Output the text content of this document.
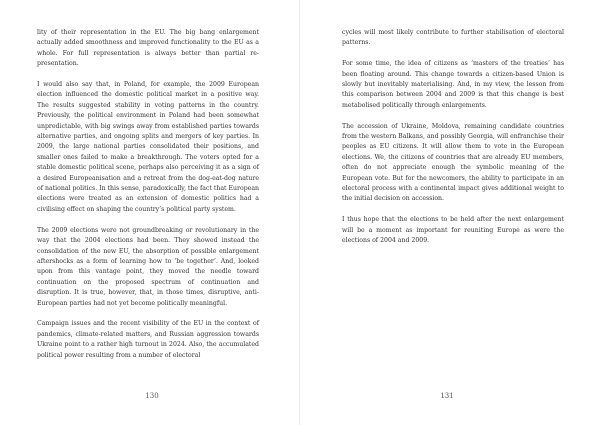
lity of their representation in the EU. The big bang enlargement actually added smoothness and improved functionality to the EU as a whole. For full representation is always better than partial representation.

I would also say that, in Poland, for example, the 2009 European election influenced the domestic political market in a positive way. The results suggested stability in voting patterns in the country. Previously, the political environment in Poland had been somewhat unpredictable, with big swings away from established parties towards alternative parties, and ongoing splits and mergers of key parties. In 2009, the large national parties consolidated their positions, and smaller ones failed to make a breakthrough. The voters opted for a stable domestic political scene, perhaps also perceiving it as a sign of a desired Europeanisation and a retreat from the dog-eat-dog nature of national politics. In this sense, paradoxically, the fact that European elections were treated as an extension of domestic politics had a civilising effect on shaping the country’s political party system.

The 2009 elections were not groundbreaking or revolutionary in the way that the 2004 elections had been. They showed instead the consolidation of the new EU, the absorption of possible enlargement aftershocks as a form of learning how to ‘be together’. And, looked upon from this vantage point, they moved the needle toward continuation on the proposed spectrum of continuation and disruption. It is true, however, that, in those times, disruptive, anti-European parties had not yet become politically meaningful.

Campaign issues and the recent visibility of the EU in the context of pandemics, climate-related matters, and Russian aggression towards Ukraine point to a rather high turnout in 2024. Also, the accumulated political power resulting from a number of electoral

130

cycles will most likely contribute to further stabilisation of electoral patterns.

For some time, the idea of citizens as ‘masters of the treaties’ has been floating around. This change towards a citizen-based Union is slowly but inevitably materialising. And, in my view, the lesson from this comparison between 2004 and 2009 is that this change is best metabolised politically through enlargements.

The accession of Ukraine, Moldova, remaining candidate countries from the western Balkans, and possibly Georgia, will enfranchise their peoples as EU citizens. It will allow them to vote in the European elections. We, the citizens of countries that are already EU members, often do not appreciate enough the symbolic meaning of the European vote. But for the newcomers, the ability to participate in an electoral process with a continental impact gives additional weight to the initial decision on accession.

I thus hope that the elections to be held after the next enlargement will be a moment as important for reuniting Europe as were the elections of 2004 and 2009.

131
